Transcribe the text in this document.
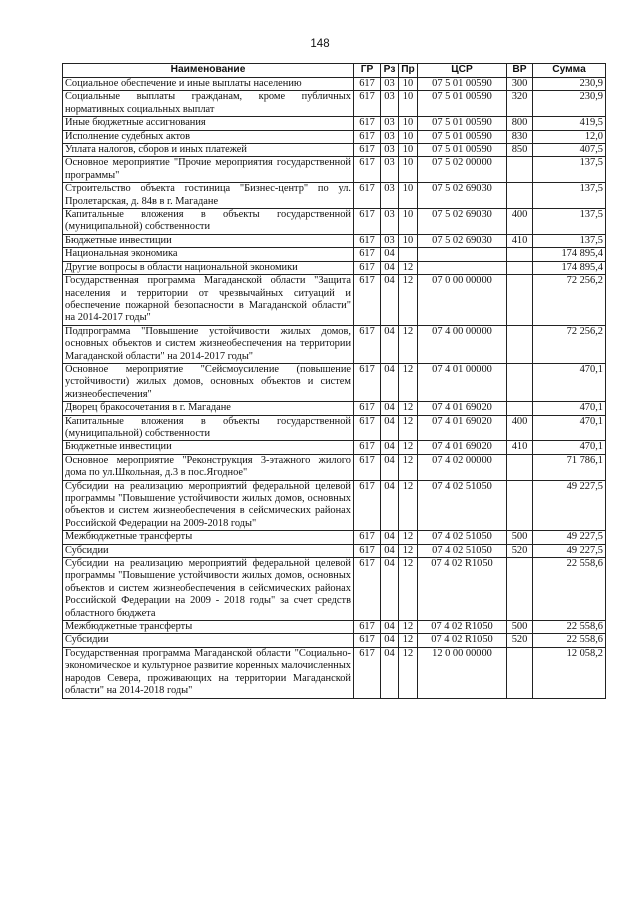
148
Наименование	ГР	Рз	Пр	ЦСР	ВР	Сумма
Социальное обеспечение и иные выплаты населению	617	03	10	07 5 01 00590	300	230,9
Социальные выплаты гражданам, кроме публичных нормативных социальных выплат	617	03	10	07 5 01 00590	320	230,9
Иные бюджетные ассигнования	617	03	10	07 5 01 00590	800	419,5
Исполнение судебных актов	617	03	10	07 5 01 00590	830	12,0
Уплата налогов, сборов и иных платежей	617	03	10	07 5 01 00590	850	407,5
Основное мероприятие "Прочие мероприятия государственной программы"	617	03	10	07 5 02 00000		137,5
Строительство объекта гостиница "Бизнес-центр" по ул. Пролетарская, д. 84в в г. Магадане	617	03	10	07 5 02 69030		137,5
Капитальные вложения в объекты государственной (муниципальной) собственности	617	03	10	07 5 02 69030	400	137,5
Бюджетные инвестиции	617	03	10	07 5 02 69030	410	137,5
Национальная экономика	617	04				174 895,4
Другие вопросы в области национальной экономики	617	04	12			174 895,4
Государственная программа Магаданской области "Защита населения и территории от чрезвычайных ситуаций и обеспечение пожарной безопасности в Магаданской области" на 2014-2017 годы"	617	04	12	07 0 00 00000		72 256,2
Подпрограмма "Повышение устойчивости жилых домов, основных объектов и систем жизнеобеспечения на территории Магаданской области" на 2014-2017 годы"	617	04	12	07 4 00 00000		72 256,2
Основное мероприятие "Сейсмоусиление (повышение устойчивости) жилых домов, основных объектов и систем жизнеобеспечения"	617	04	12	07 4 01 00000		470,1
Дворец бракосочетания в г. Магадане	617	04	12	07 4 01 69020		470,1
Капитальные вложения в объекты государственной (муниципальной) собственности	617	04	12	07 4 01 69020	400	470,1
Бюджетные инвестиции	617	04	12	07 4 01 69020	410	470,1
Основное мероприятие "Реконструкция 3-этажного жилого дома по ул.Школьная, д.3 в пос.Ягодное"	617	04	12	07 4 02 00000		71 786,1
Субсидии на реализацию мероприятий федеральной целевой программы "Повышение устойчивости жилых домов, основных объектов и систем жизнеобеспечения в сейсмических районах Российской Федерации на 2009-2018 годы"	617	04	12	07 4 02 51050		49 227,5
Межбюджетные трансферты	617	04	12	07 4 02 51050	500	49 227,5
Субсидии	617	04	12	07 4 02 51050	520	49 227,5
Субсидии на реализацию мероприятий федеральной целевой программы "Повышение устойчивости жилых домов, основных объектов и систем жизнеобеспечения в сейсмических районах Российской Федерации на 2009 - 2018 годы" за счет средств областного бюджета	617	04	12	07 4 02 R1050		22 558,6
Межбюджетные трансферты	617	04	12	07 4 02 R1050	500	22 558,6
Субсидии	617	04	12	07 4 02 R1050	520	22 558,6
Государственная программа Магаданской области "Социально-экономическое и культурное развитие коренных малочисленных народов Севера, проживающих на территории Магаданской области" на 2014-2018 годы"	617	04	12	12 0 00 00000		12 058,2
